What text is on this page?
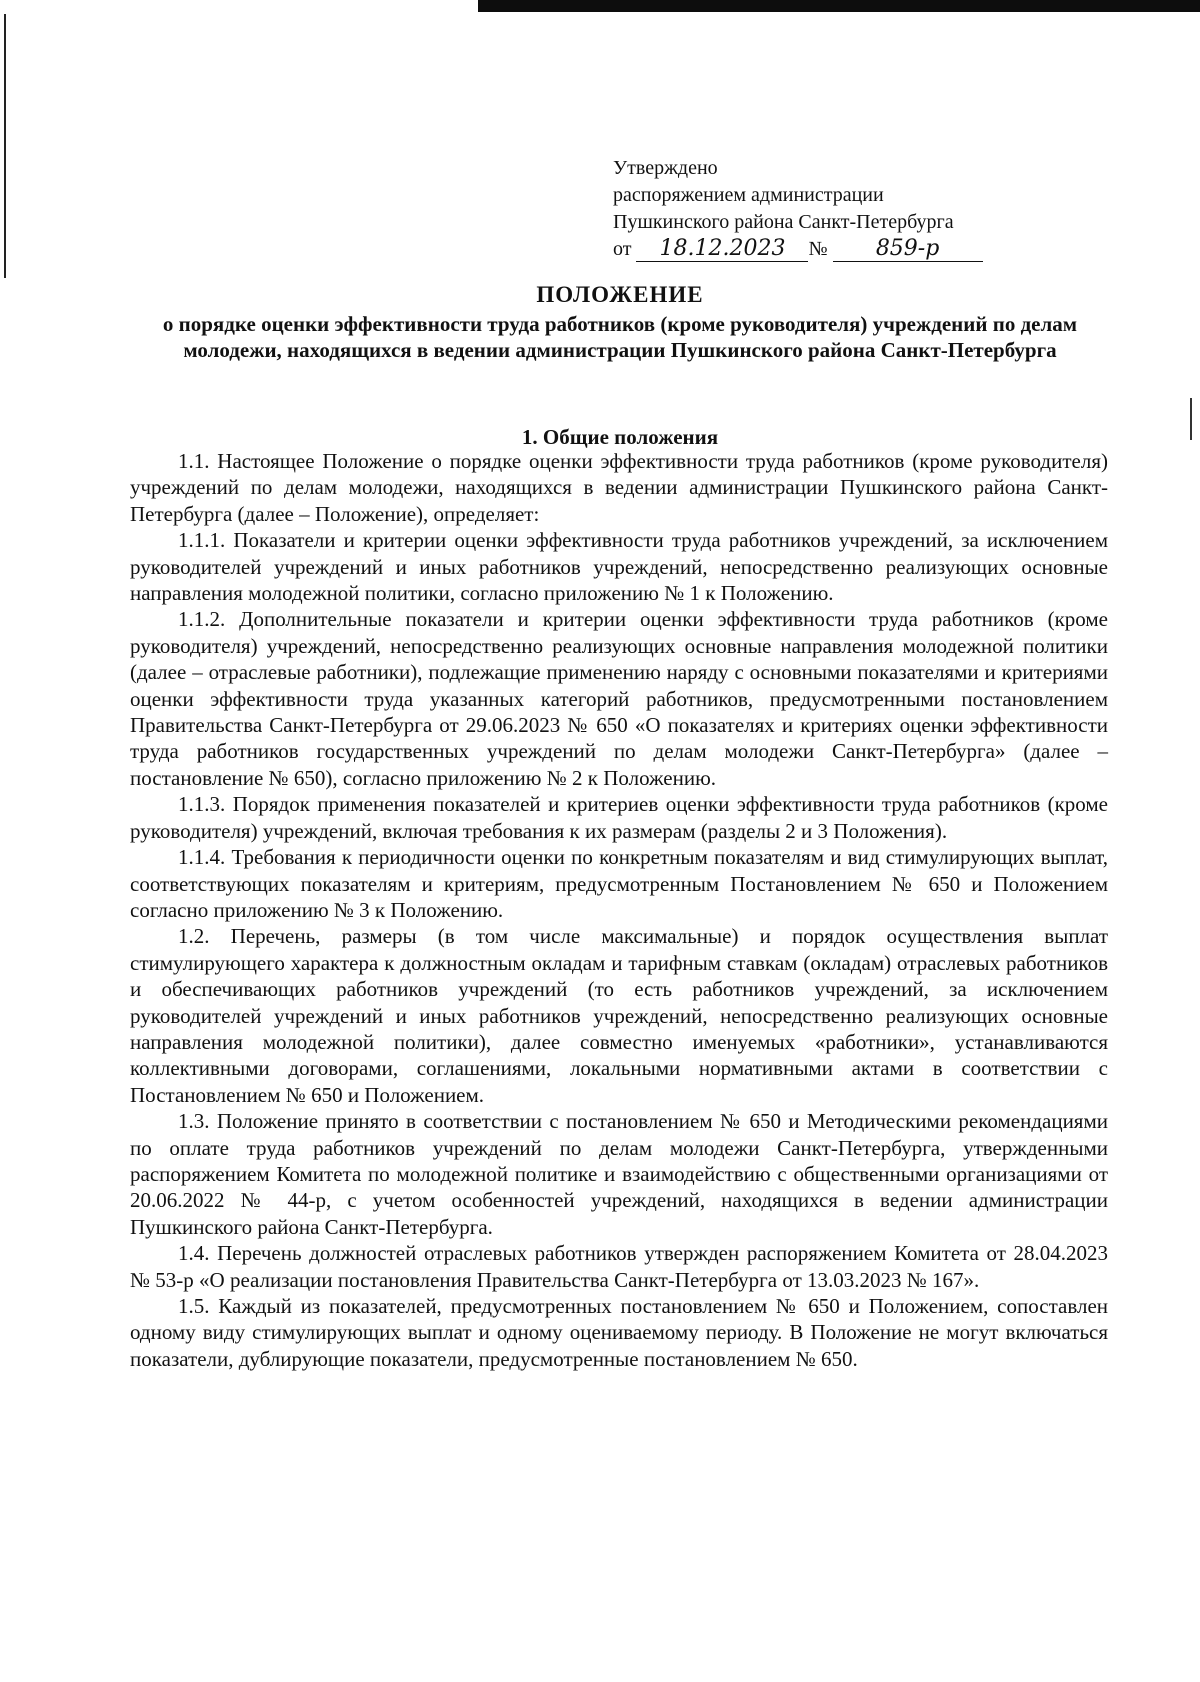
Утверждено
распоряжением администрации
Пушкинского района Санкт-Петербурга
от 18.12.2023 № 859-р
ПОЛОЖЕНИЕ
о порядке оценки эффективности труда работников (кроме руководителя) учреждений по делам молодежи, находящихся в ведении администрации Пушкинского района Санкт-Петербурга
1. Общие положения

1.1. Настоящее Положение о порядке оценки эффективности труда работников (кроме руководителя) учреждений по делам молодежи, находящихся в ведении администрации Пушкинского района Санкт-Петербурга (далее – Положение), определяет:

1.1.1. Показатели и критерии оценки эффективности труда работников учреждений, за исключением руководителей учреждений и иных работников учреждений, непосредственно реализующих основные направления молодежной политики, согласно приложению № 1 к Положению.

1.1.2. Дополнительные показатели и критерии оценки эффективности труда работников (кроме руководителя) учреждений, непосредственно реализующих основные направления молодежной политики (далее – отраслевые работники), подлежащие применению наряду с основными показателями и критериями оценки эффективности труда указанных категорий работников, предусмотренными постановлением Правительства Санкт-Петербурга от 29.06.2023 № 650 «О показателях и критериях оценки эффективности труда работников государственных учреждений по делам молодежи Санкт-Петербурга» (далее – постановление № 650), согласно приложению № 2 к Положению.

1.1.3. Порядок применения показателей и критериев оценки эффективности труда работников (кроме руководителя) учреждений, включая требования к их размерам (разделы 2 и 3 Положения).

1.1.4. Требования к периодичности оценки по конкретным показателям и вид стимулирующих выплат, соответствующих показателям и критериям, предусмотренным Постановлением № 650 и Положением согласно приложению № 3 к Положению.

1.2. Перечень, размеры (в том числе максимальные) и порядок осуществления выплат стимулирующего характера к должностным окладам и тарифным ставкам (окладам) отраслевых работников и обеспечивающих работников учреждений (то есть работников учреждений, за исключением руководителей учреждений и иных работников учреждений, непосредственно реализующих основные направления молодежной политики), далее совместно именуемых «работники», устанавливаются коллективными договорами, соглашениями, локальными нормативными актами в соответствии с Постановлением № 650 и Положением.

1.3. Положение принято в соответствии с постановлением № 650 и Методическими рекомендациями по оплате труда работников учреждений по делам молодежи Санкт-Петербурга, утвержденными распоряжением Комитета по молодежной политике и взаимодействию с общественными организациями от 20.06.2022 № 44-р, с учетом особенностей учреждений, находящихся в ведении администрации Пушкинского района Санкт-Петербурга.

1.4. Перечень должностей отраслевых работников утвержден распоряжением Комитета от 28.04.2023 № 53-р «О реализации постановления Правительства Санкт-Петербурга от 13.03.2023 № 167».

1.5. Каждый из показателей, предусмотренных постановлением № 650 и Положением, сопоставлен одному виду стимулирующих выплат и одному оцениваемому периоду. В Положение не могут включаться показатели, дублирующие показатели, предусмотренные постановлением № 650.
